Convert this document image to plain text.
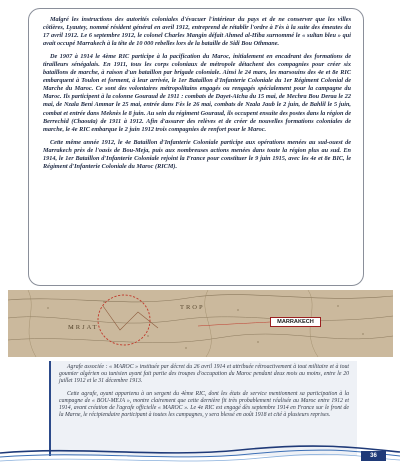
Malgré les instructions des autorités coloniales d'évacuer l'intérieur du pays et de ne conserver que les villes côtières, Lyautey, nommé résident général en avril 1912, entreprend de rétablir l'ordre à Fès à la suite des émeutes du 17 avril 1912. Le 6 septembre 1912, le colonel Charles Mangin défait Ahmed al-Hiba surnommé le « sultan bleu » qui avait occupé Marrakech à la tête de 10 000 rebelles lors de la bataille de Sidi Bou Othmane.

De 1907 à 1914 le 4ème RIC participe à la pacification du Maroc, initialement en encadrant des formations de tirailleurs sénégalais. En 1911, tous les corps coloniaux de métropole détachent des compagnies pour créer six bataillons de marche, à raison d'un bataillon par brigade coloniale. Ainsi le 24 mars, les marsouins des 4e et 8e RIC embarquent à Toulon et forment, à leur arrivée, le 1er Bataillon d'Infanterie Coloniale du 1er Régiment Colonial de Marche du Maroc. Ce sont des volontaires métropolitains engagés ou rengagés spécialement pour la campagne du Maroc. Ils participent à la colonne Gouraud de 1911 : combats de Dayet-Aïcha du 15 mai, de Mechra Bou Deraa le 22 mai, de Nzala Beni Ammar le 25 mai, entrée dans Fès le 26 mai, combats de Nzala Jaub le 2 juin, de Bahlil le 5 juin, combat et entrée dans Meknès le 8 juin. Au sein du régiment Gouraud, ils occupent ensuite des postes dans la région de Berrechid (Chaouïa) de 1911 à 1912. Afin d'assurer des relèves et de créer de nouvelles formations coloniales de marche, le 4e RIC embarque le 2 juin 1912 trois compagnies de renfort pour le Maroc.

Cette même année 1912, le 4e Bataillon d'Infanterie Coloniale participe aux opérations menées au sud-ouest de Marrakech près de l'oasis de Bou-Meja, puis aux nombreuses actions menées dans toute la région plus au sud. En 1914, le 1er Bataillon d'Infanterie Coloniale rejoint la France pour constituer le 9 juin 1915, avec les 4e et 8e BIC, le Régiment d'Infanterie Coloniale du Maroc (RICM).

MRJAT
TROP
MARRAKECH

Agrafe associée : « MAROC » instituée par décret du 26 avril 1914 et attribuée rétroactivement à tout militaire et à tout goumier algérien ou tunisien ayant fait partie des troupes d'occupation du Maroc pendant deux mois au moins, entre le 20 juillet 1912 et le 31 décembre 1913.

Cette agrafe, ayant appartenu à un sergent du 4ème RIC, dont les états de service mentionnent sa participation à la campagne de « BOU-MEJA », montre clairement que cette dernière fit très probablement réalisée au Maroc entre 1912 et 1914, avant création de l'agrafe officielle « MAROC ». Le 4e RIC est engagé dès septembre 1914 en France sur le front de la Marne, le récipiendaire participant à toutes les campagnes, y sera blessé en août 1918 et cité à plusieurs reprises.

36
